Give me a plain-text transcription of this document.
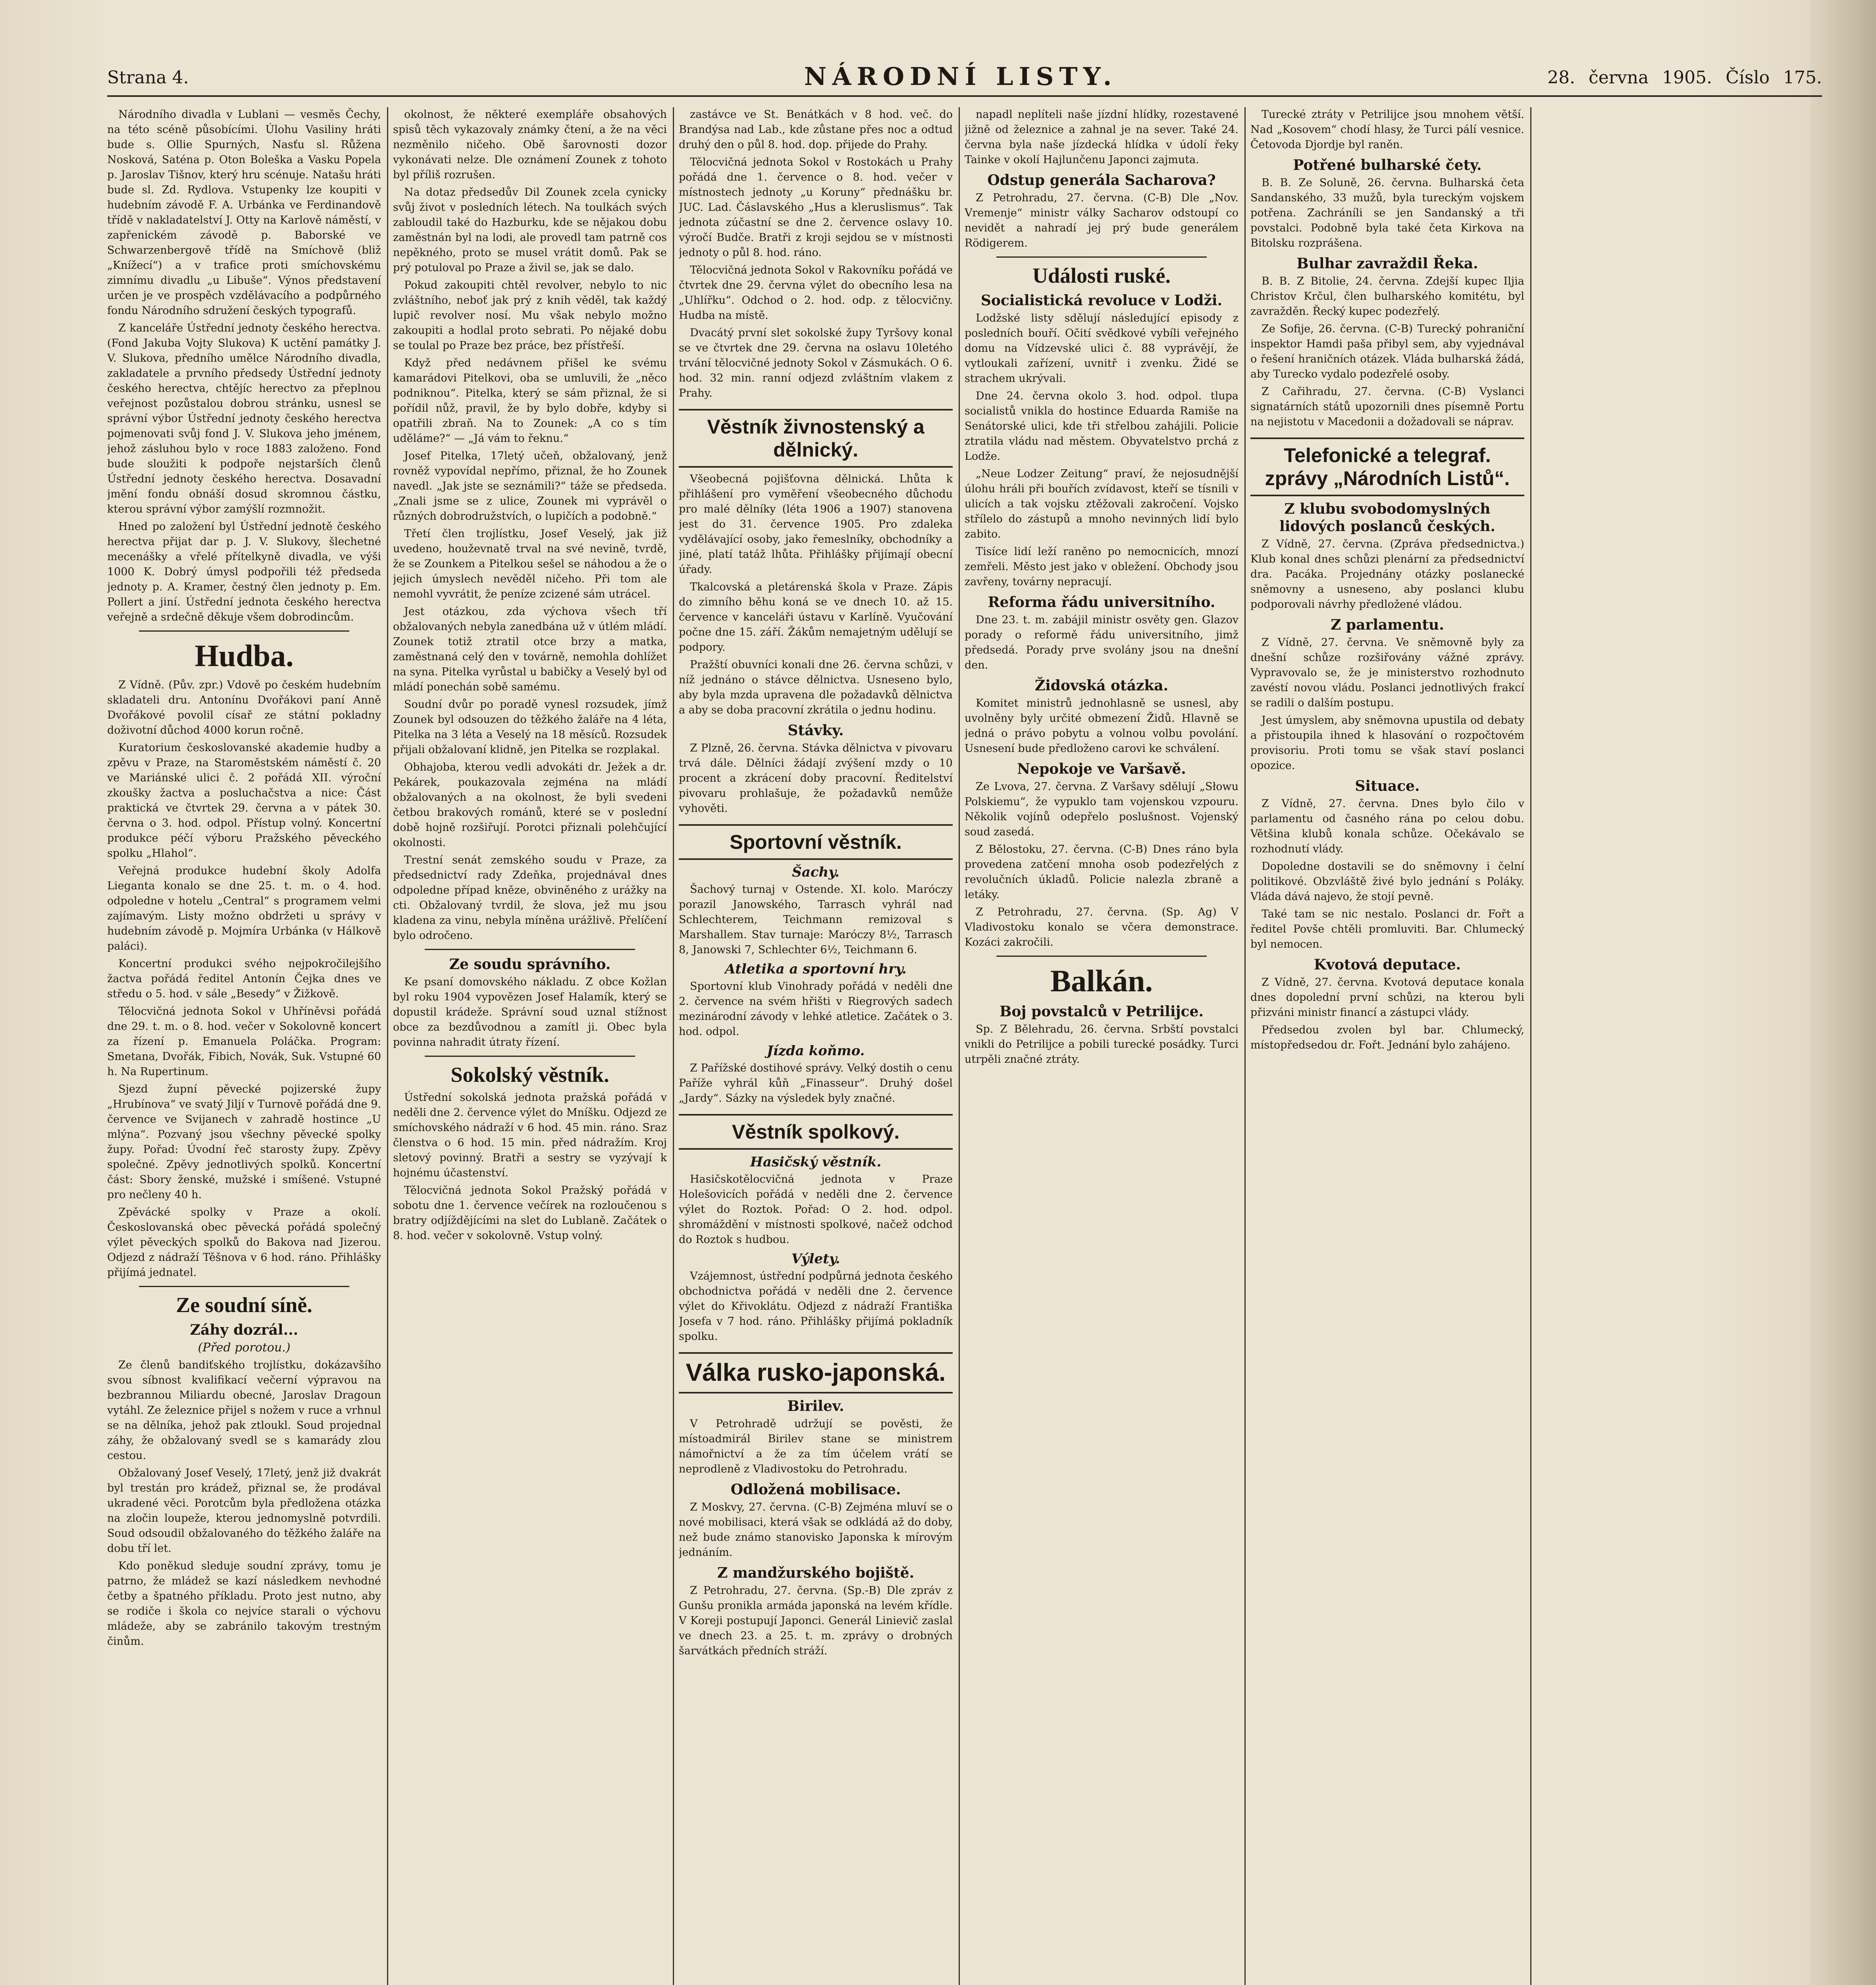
Strana 4.	NÁRODNÍ LISTY.	28. června 1905. Číslo 175.

Národního divadla v Lublani — vesměs Čechy, na této scéně působícími. Úlohu Vasiliny hráti bude s. Ollie Spurných, Nasťu sl. Růžena Nosková, Saténa p. Oton Boleška a Vasku Popela p. Jaroslav Tišnov, který hru scénuje. Natašu hráti bude sl. Zd. Rydlova. Vstupenky lze koupiti v hudebním závodě F. A. Urbánka ve Ferdinandově třídě v nakladatelství J. Otty na Karlově náměstí, v zapřenickém závodě p. Baborské ve Schwarzenbergově třídě na Smíchově (bliž „Knížecí“) a v trafice proti smíchovskému zimnímu divadlu „u Libuše“. Výnos představení určen je ve prospěch vzdělávacího a podpůrného fondu Národního sdružení českých typografů.

Z kanceláře Ústřední jednoty českého herectva. (Fond Jakuba Vojty Slukova) K uctění památky J. V. Slukova, předního umělce Národního divadla, zakladatele a prvního předsedy Ústřední jednoty českého herectva, chtějíc herectvo za přeplnou veřejnost pozůstalou dobrou stránku, usnesl se správní výbor Ústřední jednoty českého herectva pojmenovati svůj fond J. V. Slukova jeho jménem, jehož zásluhou bylo v roce 1883 založeno. Fond bude sloužiti k podpoře nejstarších členů Ústřední jednoty českého herectva. Dosavadní jmění fondu obnáší dosud skromnou částku, kterou správní výbor zamýšlí rozmnožit.

Hned po založení byl Ústřední jednotě českého herectva přijat dar p. J. V. Slukovy, šlechetné mecenášky a vřelé přítelkyně divadla, ve výši 1000 K. Dobrý úmysl podpořili též předseda jednoty p. A. Kramer, čestný člen jednoty p. Em. Pollert a jiní. Ústřední jednota českého herectva veřejně a srdečně děkuje všem dobrodincům.

Hudba.

Z Vídně. (Pův. zpr.) Vdově po českém hudebním skladateli dru. Antonínu Dvořákovi paní Anně Dvořákové povolil císař ze státní pokladny doživotní důchod 4000 korun ročně.

Kuratorium českoslovanské akademie hudby a zpěvu v Praze, na Staroměstském náměstí č. 20 ve Mariánské ulici č. 2 pořádá XII. výroční zkoušky žactva a posluchačstva a nice: Část praktická ve čtvrtek 29. června a v pátek 30. června o 3. hod. odpol. Přístup volný. Koncertní produkce péčí výboru Pražského pěveckého spolku „Hlahol“.

Veřejná produkce hudební školy Adolfa Lieganta konalo se dne 25. t. m. o 4. hod. odpoledne v hotelu „Central“ s programem velmi zajímavým. Listy možno obdržeti u správy v hudebním závodě p. Mojmíra Urbánka (v Hálkově paláci).

Koncertní produkci svého nejpokročilejšího žactva pořádá ředitel Antonín Čejka dnes ve středu o 5. hod. v sále „Besedy“ v Žižkově.

Tělocvičná jednota Sokol v Uhříněvsi pořádá dne 29. t. m. o 8. hod. večer v Sokolovně koncert za řízení p. Emanuela Poláčka. Program: Smetana, Dvořák, Fibich, Novák, Suk. Vstupné 60 h. Na Rupertinum.

Sjezd župní pěvecké pojizerské župy „Hrubínova“ ve svatý Jiljí v Turnově pořádá dne 9. července ve Svijanech v zahradě hostince „U mlýna“. Pozvaný jsou všechny pěvecké spolky župy. Pořad: Úvodní řeč starosty župy. Zpěvy společné. Zpěvy jednotlivých spolků. Koncertní část: Sbory ženské, mužské i smíšené. Vstupné pro nečleny 40 h.

Zpěvácké spolky v Praze a okolí. Českoslovanská obec pěvecká pořádá společný výlet pěveckých spolků do Bakova nad Jizerou. Odjezd z nádraží Těšnova v 6 hod. ráno. Přihlášky přijímá jednatel.

Ze soudní síně.
Záhy dozrál...
(Před porotou.)

Ze členů bandiťského trojlístku, dokázavšího svou síbnost kvalifikací večerní výpravou na bezbrannou Miliardu obecné, Jaroslav Dragoun vytáhl. Ze železnice přijel s nožem v ruce a vrhnul se na dělníka, jehož pak ztloukl. Soud projednal záhy, že obžalovaný svedl se s kamarády zlou cestou.

Obžalovaný Josef Veselý, 17letý, jenž již dvakrát byl trestán pro krádež, přiznal se, že prodával ukradené věci. Porotcům byla předložena otázka na zločin loupeže, kterou jednomyslně potvrdili. Soud odsoudil obžalovaného do těžkého žaláře na dobu tří let.

Kdo poněkud sleduje soudní zprávy, tomu je patrno, že mládež se kazí následkem nevhodné četby a špatného příkladu. Proto jest nutno, aby se rodiče i škola co nejvíce starali o výchovu mládeže, aby se zabránilo takovým trestným činům.

okolnost, že některé exempláře obsahových spisů těch vykazovaly známky čtení, a že na věci nezměnilo ničeho. Obě šarovnosti dozor vykonávati nelze. Dle oznámení Zounek z tohoto byl příliš rozrušen.

Na dotaz předsedův Dil Zounek zcela cynicky svůj život v posledních létech. Na toulkách svých zabloudil také do Hazburku, kde se nějakou dobu zaměstnán byl na lodi, ale provedl tam patrně cos nepěkného, proto se musel vrátit domů. Pak se prý potuloval po Praze a živil se, jak se dalo.

Pokud zakoupiti chtěl revolver, nebylo to nic zvláštního, neboť jak prý z knih věděl, tak každý lupič revolver nosí. Mu však nebylo možno zakoupiti a hodlal proto sebrati. Po nějaké dobu se toulal po Praze bez práce, bez přístřeší.

Když před nedávnem přišel ke svému kamarádovi Pitelkovi, oba se umluvili, že „něco podniknou“. Pitelka, který se sám přiznal, že si pořídil nůž, pravil, že by bylo dobře, kdyby si opatřili zbraň. Na to Zounek: „A co s tím uděláme?“ — „Já vám to řeknu.“

Josef Pitelka, 17letý učeň, obžalovaný, jenž rovněž vypovídal nepřímo, přiznal, že ho Zounek navedl. „Jak jste se seznámili?“ táže se předseda. „Znali jsme se z ulice, Zounek mi vyprávěl o různých dobrodružstvích, o lupičích a podobně.“

Třetí člen trojlístku, Josef Veselý, jak již uvedeno, houževnatě trval na své nevině, tvrdě, že se Zounkem a Pitelkou sešel se náhodou a že o jejich úmyslech nevěděl ničeho. Při tom ale nemohl vyvrátit, že peníze zcizené sám utrácel.

Jest otázkou, zda výchova všech tří obžalovaných nebyla zanedbána už v útlém mládí. Zounek totiž ztratil otce brzy a matka, zaměstnaná celý den v továrně, nemohla dohlížet na syna. Pitelka vyrůstal u babičky a Veselý byl od mládí ponechán sobě samému.

Soudní dvůr po poradě vynesl rozsudek, jímž Zounek byl odsouzen do těžkého žaláře na 4 léta, Pitelka na 3 léta a Veselý na 18 měsíců. Rozsudek přijali obžalovaní klidně, jen Pitelka se rozplakal.

Obhajoba, kterou vedli advokáti dr. Ježek a dr. Pekárek, poukazovala zejména na mládí obžalovaných a na okolnost, že byli svedeni četbou brakových románů, které se v poslední době hojně rozšiřují. Porotci přiznali polehčující okolnosti.

Trestní senát zemského soudu v Praze, za předsednictví rady Zdeňka, projednával dnes odpoledne případ kněze, obviněného z urážky na cti. Obžalovaný tvrdil, že slova, jež mu jsou kladena za vinu, nebyla míněna urážlivě. Přelíčení bylo odročeno.

Ze soudu správního.

Ke psaní domovského nákladu. Z obce Kožlan byl roku 1904 vypovězen Josef Halamík, který se dopustil krádeže. Správní soud uznal stížnost obce za bezdůvodnou a zamítl ji. Obec byla povinna nahradit útraty řízení.

Sokolský věstník.

Ústřední sokolská jednota pražská pořádá v neděli dne 2. července výlet do Mníšku. Odjezd ze smíchovského nádraží v 6 hod. 45 min. ráno. Sraz členstva o 6 hod. 15 min. před nádražím. Kroj sletový povinný. Bratři a sestry se vyzývají k hojnému účastenství.

Tělocvičná jednota Sokol Pražský pořádá v sobotu dne 1. července večírek na rozloučenou s bratry odjíždějícími na slet do Lublaně. Začátek o 8. hod. večer v sokolovně. Vstup volný.

zastávce ve St. Benátkách v 8 hod. več. do Brandýsa nad Lab., kde zůstane přes noc a odtud druhý den o půl 8. hod. dop. přijede do Prahy.

Tělocvičná jednota Sokol v Rostokách u Prahy pořádá dne 1. července o 8. hod. večer v místnostech jednoty „u Koruny“ přednášku br. JUC. Lad. Čáslavského „Hus a kleruslismus“. Tak jednota zúčastní se dne 2. července oslavy 10. výročí Budče. Bratři z kroji sejdou se v místnosti jednoty o půl 8. hod. ráno.

Tělocvičná jednota Sokol v Rakovníku pořádá ve čtvrtek dne 29. června výlet do obecního lesa na „Uhlířku“. Odchod o 2. hod. odp. z tělocvičny. Hudba na místě.

Dvacátý první slet sokolské župy Tyršovy konal se ve čtvrtek dne 29. června na oslavu 10letého trvání tělocvičné jednoty Sokol v Zásmukách. O 6. hod. 32 min. ranní odjezd zvláštním vlakem z Prahy.

Věstník živnostenský a dělnický.

Všeobecná pojišťovna dělnická. Lhůta k přihlášení pro vyměření všeobecného důchodu pro malé dělníky (léta 1906 a 1907) stanovena jest do 31. července 1905. Pro zdaleka vydělávající osoby, jako řemeslníky, obchodníky a jiné, platí tatáž lhůta. Přihlášky přijímají obecní úřady.

Tkalcovská a pletárenská škola v Praze. Zápis do zimního běhu koná se ve dnech 10. až 15. července v kanceláři ústavu v Karlíně. Vyučování počne dne 15. září. Žákům nemajetným udělují se podpory.

Pražští obuvníci konali dne 26. června schůzi, v níž jednáno o stávce dělnictva. Usneseno bylo, aby byla mzda upravena dle požadavků dělnictva a aby se doba pracovní zkrátila o jednu hodinu.

Stávky.

Z Plzně, 26. června. Stávka dělnictva v pivovaru trvá dále. Dělníci žádají zvýšení mzdy o 10 procent a zkrácení doby pracovní. Ředitelství pivovaru prohlašuje, že požadavků nemůže vyhověti.

Sportovní věstník.
Šachy.

Šachový turnaj v Ostende. XI. kolo. Maróczy porazil Janowského, Tarrasch vyhrál nad Schlechterem, Teichmann remizoval s Marshallem. Stav turnaje: Maróczy 8½, Tarrasch 8, Janowski 7, Schlechter 6½, Teichmann 6.

Atletika a sportovní hry.

Sportovní klub Vinohrady pořádá v neděli dne 2. července na svém hřišti v Riegrových sadech mezinárodní závody v lehké atletice. Začátek o 3. hod. odpol.

Jízda koňmo.

Z Pařížské dostihové správy. Velký dostih o cenu Paříže vyhrál kůň „Finasseur“. Druhý došel „Jardy“. Sázky na výsledek byly značné.

Věstník spolkový.
Hasičský věstník.

Hasičskotělocvičná jednota v Praze Holešovicích pořádá v neděli dne 2. července výlet do Roztok. Pořad: O 2. hod. odpol. shromáždění v místnosti spolkové, načež odchod do Roztok s hudbou.

Výlety.

Vzájemnost, ústřední podpůrná jednota českého obchodnictva pořádá v neděli dne 2. července výlet do Křivoklátu. Odjezd z nádraží Františka Josefa v 7 hod. ráno. Přihlášky přijímá pokladník spolku.

Válka rusko-japonská.
Birilev.

V Petrohradě udržují se pověsti, že místoadmirál Birilev stane se ministrem námořnictví a že za tím účelem vrátí se neprodleně z Vladivostoku do Petrohradu.

Odložená mobilisace.

Z Moskvy, 27. června. (C-B) Zejména mluví se o nové mobilisaci, která však se odkládá až do doby, než bude známo stanovisko Japonska k mírovým jednáním.

Z mandžurského bojiště.

Z Petrohradu, 27. června. (Sp.-B) Dle zpráv z Gunšu pronikla armáda japonská na levém křídle. V Koreji postupují Japonci. Generál Linievič zaslal ve dnech 23. a 25. t. m. zprávy o drobných šarvátkách předních stráží.

napadl neplíteli naše jízdní hlídky, rozestavené jižně od železnice a zahnal je na sever. Také 24. června byla naše jízdecká hlídka v údolí řeky Tainke v okolí Hajlunčenu Japonci zajmuta.

Odstup generála Sacharova?

Z Petrohradu, 27. června. (C-B) Dle „Nov. Vremenje“ ministr války Sacharov odstoupí co nevidět a nahradí jej prý bude generálem Rödigerem.

Události ruské.
Socialistická revoluce v Lodži.

Lodžské listy sdělují následující episody z posledních bouří. Očití svědkové vybíli veřejného domu na Vídzevské ulici č. 88 vyprávějí, že vytloukali zařízení, uvnitř i zvenku. Židé se strachem ukrývali.

Dne 24. června okolo 3. hod. odpol. tlupa socialistů vnikla do hostince Eduarda Ramiše na Senátorské ulici, kde tři střelbou zahájili. Policie ztratila vládu nad městem. Obyvatelstvo prchá z Lodže.

„Neue Lodzer Zeitung“ praví, že nejosudnější úlohu hráli při bouřích zvídavost, kteří se tísnili v ulicích a tak vojsku ztěžovali zakročení. Vojsko střílelo do zástupů a mnoho nevinných lidí bylo zabito.

Tisíce lidí leží raněno po nemocnicích, mnozí zemřeli. Město jest jako v obležení. Obchody jsou zavřeny, továrny nepracují.

Reforma řádu universitního.

Dne 23. t. m. zabájil ministr osvěty gen. Glazov porady o reformě řádu universitního, jimž předsedá. Porady prve svolány jsou na dnešní den.

Židovská otázka.

Komitet ministrů jednohlasně se usnesl, aby uvolněny byly určité obmezení Židů. Hlavně se jedná o právo pobytu a volnou volbu povolání. Usnesení bude předloženo carovi ke schválení.

Nepokoje ve Varšavě.

Ze Lvova, 27. června. Z Varšavy sdělují „Słowu Polskiemu“, že vypuklo tam vojenskou vzpouru. Několik vojínů odepřelo poslušnost. Vojenský soud zasedá.

Z Bělostoku, 27. června. (C-B) Dnes ráno byla provedena zatčení mnoha osob podezřelých z revolučních úkladů. Policie nalezla zbraně a letáky.

Z Petrohradu, 27. června. (Sp. Ag) V Vladivostoku konalo se včera demonstrace. Kozáci zakročili.

Balkán.
Boj povstalců v Petrilijce.

Sp. Z Bělehradu, 26. června. Srbští povstalci vnikli do Petrilijce a pobili turecké posádky. Turci utrpěli značné ztráty.

Turecké ztráty v Petrilijce jsou mnohem větší. Nad „Kosovem“ chodí hlasy, že Turci pálí vesnice. Četovoda Djordje byl raněn.

Potřené bulharské čety.

B. B. Ze Soluně, 26. června. Bulharská četa Sandanského, 33 mužů, byla tureckým vojskem potřena. Zachráníli se jen Sandanský a tři povstalci. Podobně byla také četa Kirkova na Bitolsku rozprášena.

Bulhar zavraždil Řeka.

B. B. Z Bitolie, 24. června. Zdejší kupec Iljia Christov Krčul, člen bulharského komitétu, byl zavražděn. Řecký kupec podezřelý.

Ze Sofije, 26. června. (C-B) Turecký pohraniční inspektor Hamdi paša přibyl sem, aby vyjednával o řešení hraničních otázek. Vláda bulharská žádá, aby Turecko vydalo podezřelé osoby.

Z Cařihradu, 27. června. (C-B) Vyslanci signatárních států upozornili dnes písemně Portu na nejistotu v Macedonii a dožadovali se náprav.

Telefonické a telegraf. zprávy „Národních Listů“.
Z klubu svobodomyslných lidových poslanců českých.

Z Vídně, 27. června. (Zpráva předsednictva.) Klub konal dnes schůzi plenární za předsednictví dra. Pacáka. Projednány otázky poslanecké sněmovny a usneseno, aby poslanci klubu podporovali návrhy předložené vládou.

Z parlamentu.

Z Vídně, 27. června. Ve sněmovně byly za dnešní schůze rozšiřovány vážné zprávy. Vypravovalo se, že je ministerstvo rozhodnuto zavéstí novou vládu. Poslanci jednotlivých frakcí se radili o dalším postupu.

Jest úmyslem, aby sněmovna upustila od debaty a přistoupila ihned k hlasování o rozpočtovém provisoriu. Proti tomu se však staví poslanci opozice.

Situace.

Z Vídně, 27. června. Dnes bylo čilo v parlamentu od časného rána po celou dobu. Většina klubů konala schůze. Očekávalo se rozhodnutí vlády.

Dopoledne dostavili se do sněmovny i čelní politikové. Obzvláště živé bylo jednání s Poláky. Vláda dává najevo, že stojí pevně.

Také tam se nic nestalo. Poslanci dr. Fořt a ředitel Povše chtěli promluviti. Bar. Chlumecký byl nemocen.

Kvotová deputace.

Z Vídně, 27. června. Kvotová deputace konala dnes dopolední první schůzi, na kterou byli přizváni ministr financí a zástupci vlády.

Předsedou zvolen byl bar. Chlumecký, místopředsedou dr. Fořt. Jednání bylo zahájeno.
